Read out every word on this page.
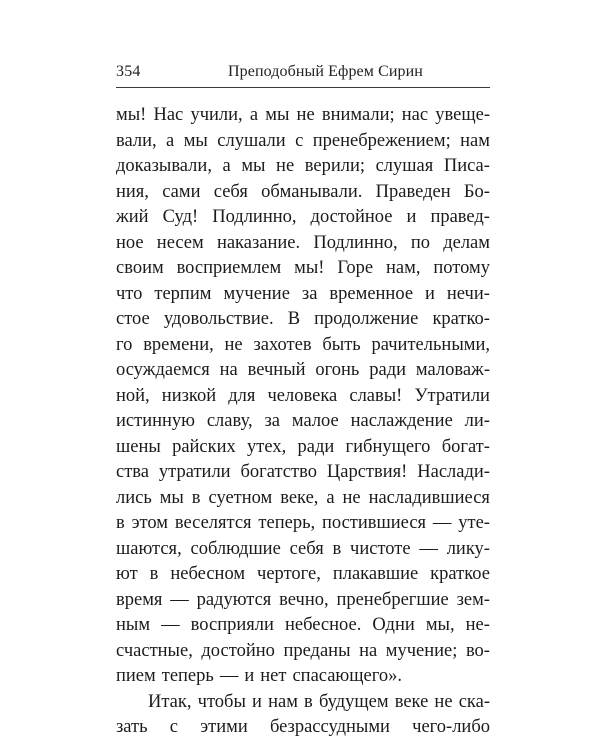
354	Преподобный Ефрем Сирин
мы! Нас учили, а мы не внимали; нас увеще-
вали, а мы слушали с пренебрежением; нам
доказывали, а мы не верили; слушая Писа-
ния, сами себя обманывали. Праведен Бо-
жий Суд! Подлинно, достойное и правед-
ное несем наказание. Подлинно, по делам
своим восприемлем мы! Горе нам, потому
что терпим мучение за временное и нечи-
стое удовольствие. В продолжение кратко-
го времени, не захотев быть рачительными,
осуждаемся на вечный огонь ради маловаж-
ной, низкой для человека славы! Утратили
истинную славу, за малое наслаждение ли-
шены райских утех, ради гибнущего богат-
ства утратили богатство Царствия! Наслади-
лись мы в суетном веке, а не насладившиеся
в этом веселятся теперь, постившиеся — уте-
шаются, соблюдшие себя в чистоте — лику-
ют в небесном чертоге, плакавшие краткое
время — радуются вечно, пренебрегшие зем-
ным — восприяли небесное. Одни мы, не-
счастные, достойно преданы на мучение; во-
пием теперь — и нет спасающего».
Итак, чтобы и нам в будущем веке не ска-
зать с этими безрассудными чего-либо
